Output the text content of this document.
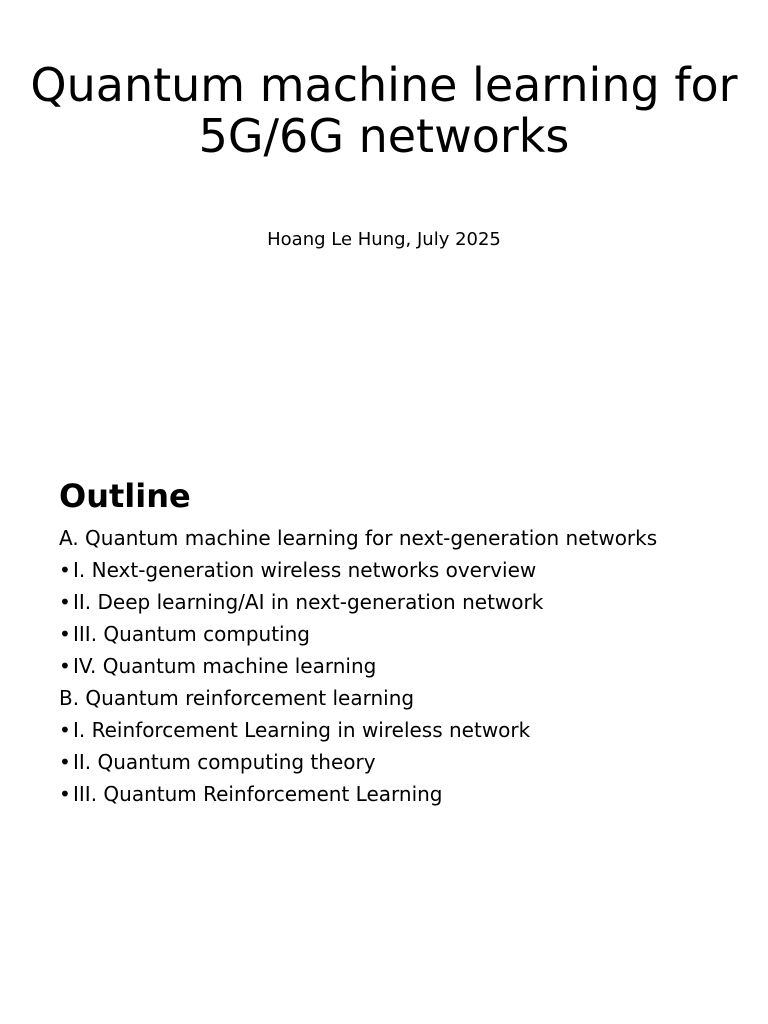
Quantum machine learning for 5G/6G networks

Hoang Le Hung, July 2025

Outline
A. Quantum machine learning for next-generation networks
• I. Next-generation wireless networks overview
• II. Deep learning/AI in next-generation network
• III. Quantum computing
• IV. Quantum machine learning
B. Quantum reinforcement learning
• I. Reinforcement Learning in wireless network
• II. Quantum computing theory
• III. Quantum Reinforcement Learning
